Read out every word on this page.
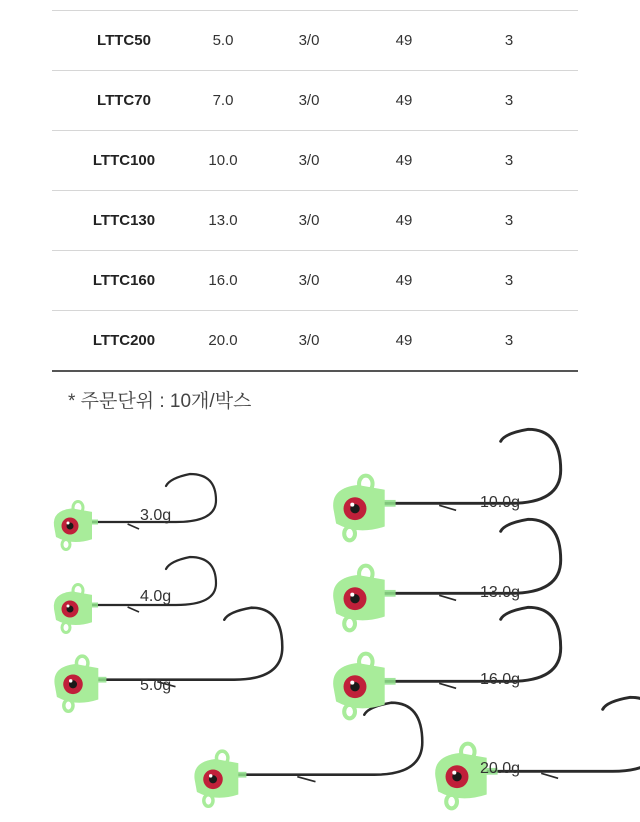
LTTC50	5.0	3/0	49	3
LTTC70	7.0	3/0	49	3
LTTC100	10.0	3/0	49	3
LTTC130	13.0	3/0	49	3
LTTC160	16.0	3/0	49	3
LTTC200	20.0	3/0	49	3
* 주문단위 : 10개/박스
3.0g
4.0g
5.0g
10.0g
13.0g
16.0g
20.0g
